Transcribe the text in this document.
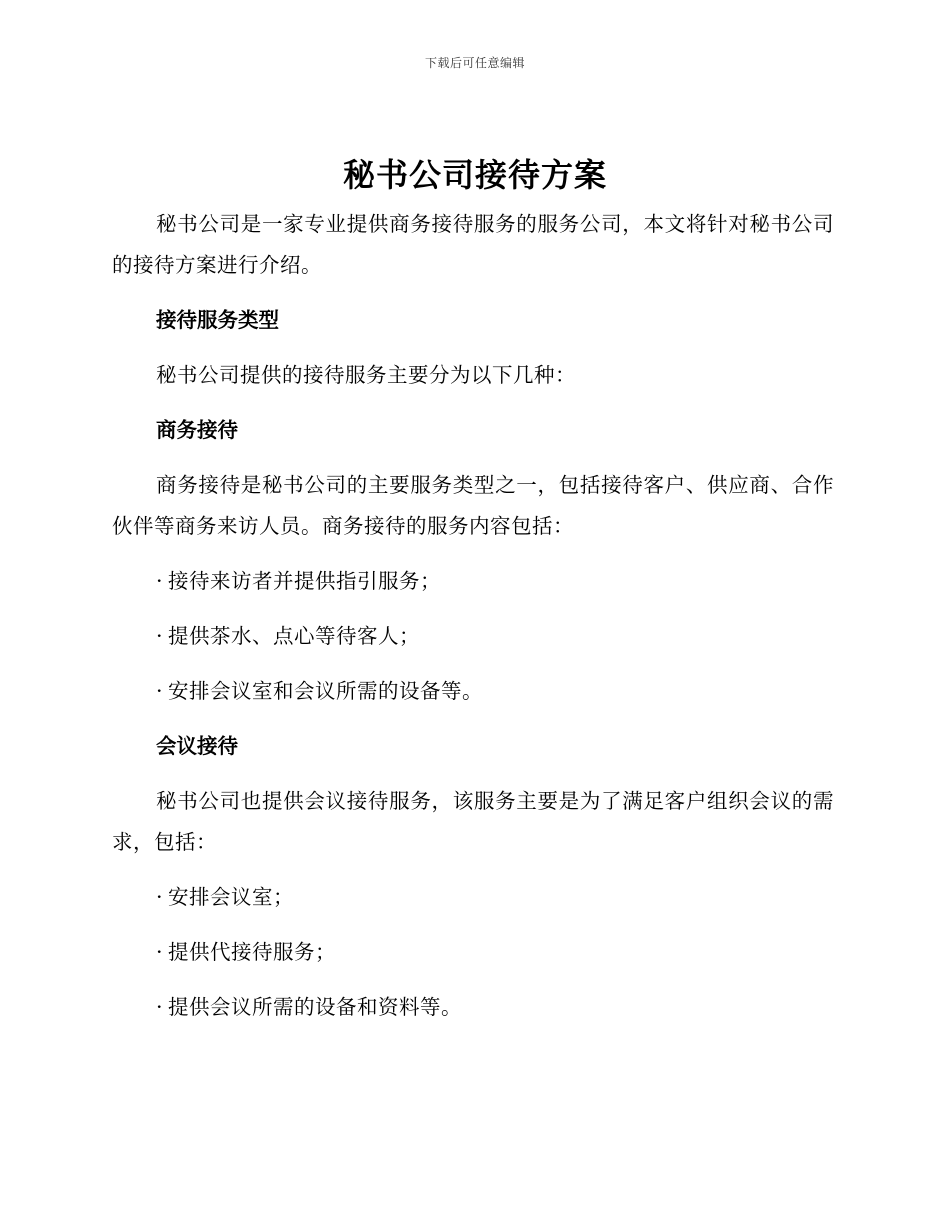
下载后可任意编辑
秘书公司接待方案

秘书公司是一家专业提供商务接待服务的服务公司，本文将针对秘书公司的接待方案进行介绍。

接待服务类型

秘书公司提供的接待服务主要分为以下几种：

商务接待

商务接待是秘书公司的主要服务类型之一，包括接待客户、供应商、合作伙伴等商务来访人员。商务接待的服务内容包括：

· 接待来访者并提供指引服务；
· 提供茶水、点心等待客人；
· 安排会议室和会议所需的设备等。
会议接待

秘书公司也提供会议接待服务，该服务主要是为了满足客户组织会议的需求，包括：

· 安排会议室；
· 提供代接待服务；
· 提供会议所需的设备和资料等。
